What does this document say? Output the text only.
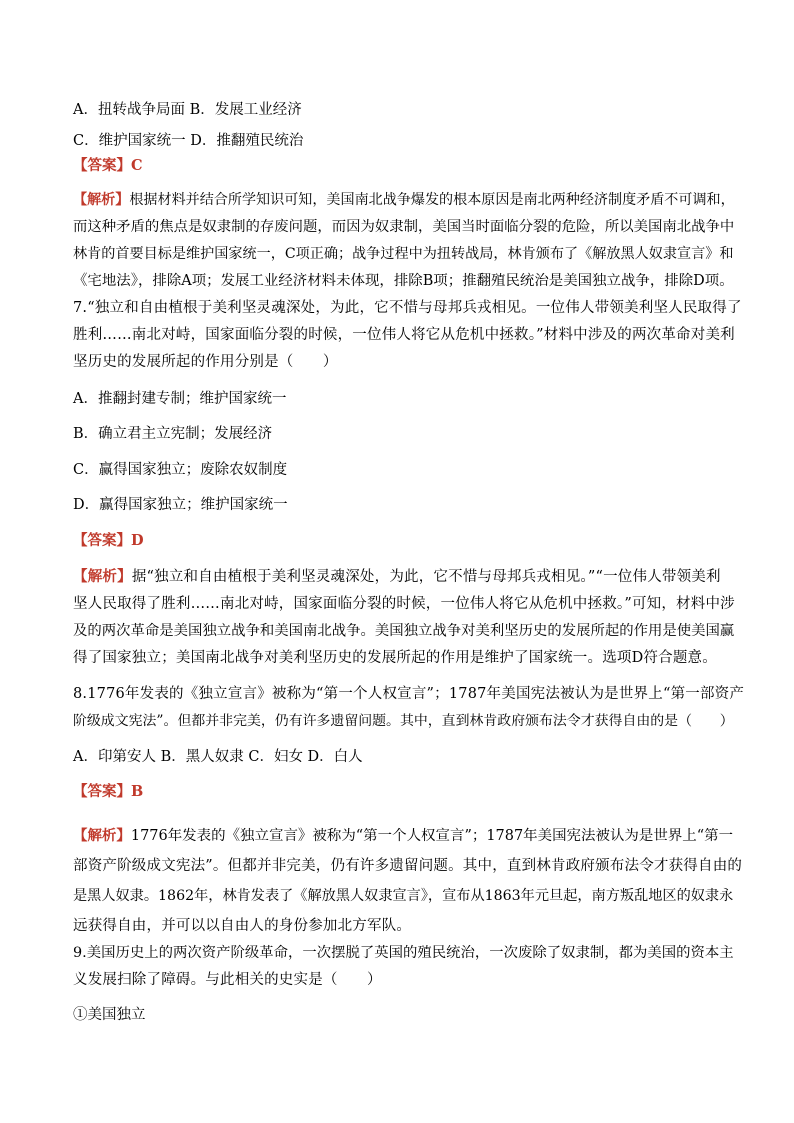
A．扭转战争局面 B．发展工业经济
C．维护国家统一 D．推翻殖民统治
【答案】C
【解析】根据材料并结合所学知识可知，美国南北战争爆发的根本原因是南北两种经济制度矛盾不可调和，
而这种矛盾的焦点是奴隶制的存废问题，而因为奴隶制，美国当时面临分裂的危险，所以美国南北战争中
林肯的首要目标是维护国家统一，C项正确；战争过程中为扭转战局，林肯颁布了《解放黑人奴隶宣言》和
《宅地法》，排除A项；发展工业经济材料未体现，排除B项；推翻殖民统治是美国独立战争，排除D项。
7.“独立和自由植根于美利坚灵魂深处，为此，它不惜与母邦兵戎相见。一位伟人带领美利坚人民取得了
胜利……南北对峙，国家面临分裂的时候，一位伟人将它从危机中拯救。”材料中涉及的两次革命对美利
坚历史的发展所起的作用分别是（　　）
A．推翻封建专制；维护国家统一
B．确立君主立宪制；发展经济
C．赢得国家独立；废除农奴制度
D．赢得国家独立；维护国家统一
【答案】D
【解析】据“独立和自由植根于美利坚灵魂深处，为此，它不惜与母邦兵戎相见。”“一位伟人带领美利
坚人民取得了胜利……南北对峙，国家面临分裂的时候，一位伟人将它从危机中拯救。”可知，材料中涉
及的两次革命是美国独立战争和美国南北战争。美国独立战争对美利坚历史的发展所起的作用是使美国赢
得了国家独立；美国南北战争对美利坚历史的发展所起的作用是维护了国家统一。选项D符合题意。
8.1776年发表的《独立宣言》被称为“第一个人权宣言”；1787年美国宪法被认为是世界上“第一部资产
阶级成文宪法”。但都并非完美，仍有许多遗留问题。其中，直到林肯政府颁布法令才获得自由的是（　　）
A．印第安人 B．黑人奴隶 C．妇女 D．白人
【答案】B
【解析】1776年发表的《独立宣言》被称为“第一个人权宣言”；1787年美国宪法被认为是世界上“第一
部资产阶级成文宪法”。但都并非完美，仍有许多遗留问题。其中，直到林肯政府颁布法令才获得自由的
是黑人奴隶。1862年，林肯发表了《解放黑人奴隶宣言》，宣布从1863年元旦起，南方叛乱地区的奴隶永
远获得自由，并可以以自由人的身份参加北方军队。
9.美国历史上的两次资产阶级革命，一次摆脱了英国的殖民统治，一次废除了奴隶制，都为美国的资本主
义发展扫除了障碍。与此相关的史实是（　　）
①美国独立
